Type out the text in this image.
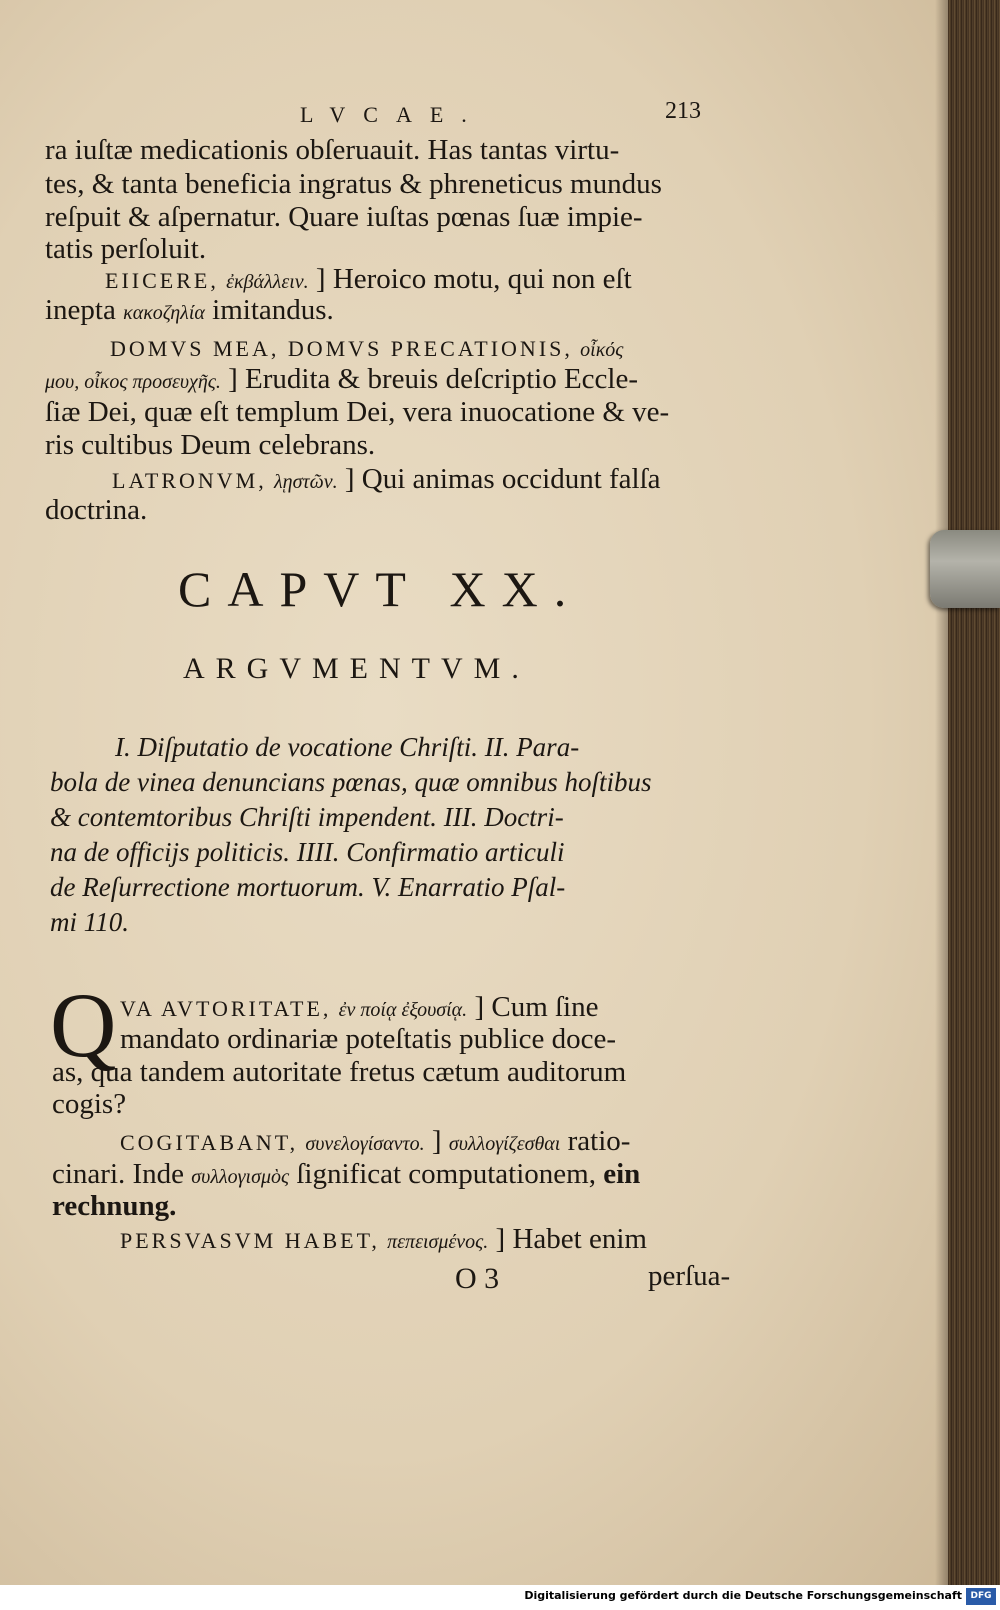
LVCAE.	213
ra iuſtæ medicationis obſeruauit. Has tantas virtu-
tes, & tanta beneficia ingratus & phreneticus mundus
reſpuit & aſpernatur. Quare iuſtas pœnas ſuæ impie-
tatis perſoluit.
EIICERE, ἐκβάλλειν. ] Heroico motu, qui non eſt
inepta κακοζηλία imitandus.
DOMVS MEA, DOMVS PRECATIONIS, οἶκός
μου, οἶκος προσευχῆς. ] Erudita & breuis deſcriptio Eccle-
ſiæ Dei, quæ eſt templum Dei, vera inuocatione & ve-
ris cultibus Deum celebrans.
LATRONVM, λῃστῶν. ] Qui animas occidunt falſa
doctrina.
CAPVT XX.
ARGVMENTVM.
I. Diſputatio de vocatione Chriſti. II. Para-
bola de vinea denuncians pœnas, quæ omnibus hoſtibus
& contemtoribus Chriſti impendent. III. Doctri-
na de officijs politicis. IIII. Confirmatio articuli
de Reſurrectione mortuorum. V. Enarratio Pſal-
mi 110.
Q VA AVTORITATE, ἐν ποίᾳ ἐξουσίᾳ. ] Cum ſine
mandato ordinariæ poteſtatis publice doce-
as, qua tandem autoritate fretus cætum auditorum
cogis?
COGITABANT, συνελογίσαντο. ] συλλογίζεσθαι ratio-
cinari. Inde συλλογισμὸς ſignificat computationem, ein
rechnung.
PERSVASVM HABET, πεπεισμένος. ] Habet enim
O 3	perſua-
Digitalisierung gefördert durch die Deutsche Forschungsgemeinschaft DFG
